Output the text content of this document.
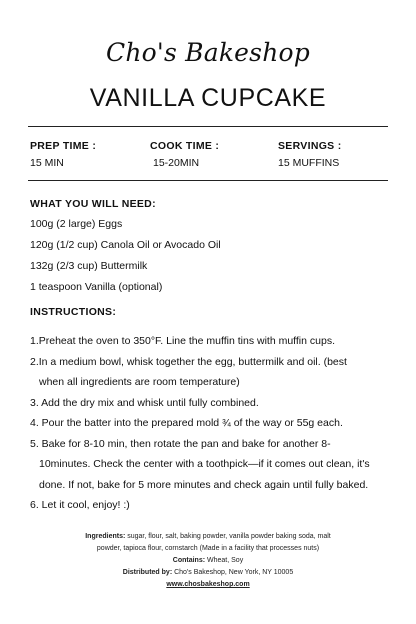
Cho's Bakeshop
VANILLA CUPCAKE
PREP TIME :
15 MIN
COOK TIME :
15-20MIN
SERVINGS :
15 MUFFINS
WHAT YOU WILL NEED:
100g (2 large) Eggs
120g (1/2 cup) Canola Oil or Avocado Oil
132g (2/3 cup) Buttermilk
1 teaspoon Vanilla (optional)
INSTRUCTIONS:
1.Preheat the oven to 350°F. Line the muffin tins with muffin cups.
2.In a medium bowl, whisk together the egg, buttermilk and oil. (best
when all ingredients are room temperature)
3. Add the dry mix and whisk until fully combined.
4. Pour the batter into the prepared mold ¾ of the way or 55g each.
5. Bake for 8-10 min, then rotate the pan and bake for another 8-
10minutes. Check the center with a toothpick—if it comes out clean, it's
done. If not, bake for 5 more minutes and check again until fully baked.
6. Let it cool, enjoy! :)
Ingredients: sugar, flour, salt, baking powder, vanilla powder baking soda, malt
powder, tapioca flour, cornstarch (Made in a facility that processes nuts)
Contains: Wheat, Soy
Distributed by: Cho's Bakeshop, New York, NY 10005
www.chosbakeshop.com
